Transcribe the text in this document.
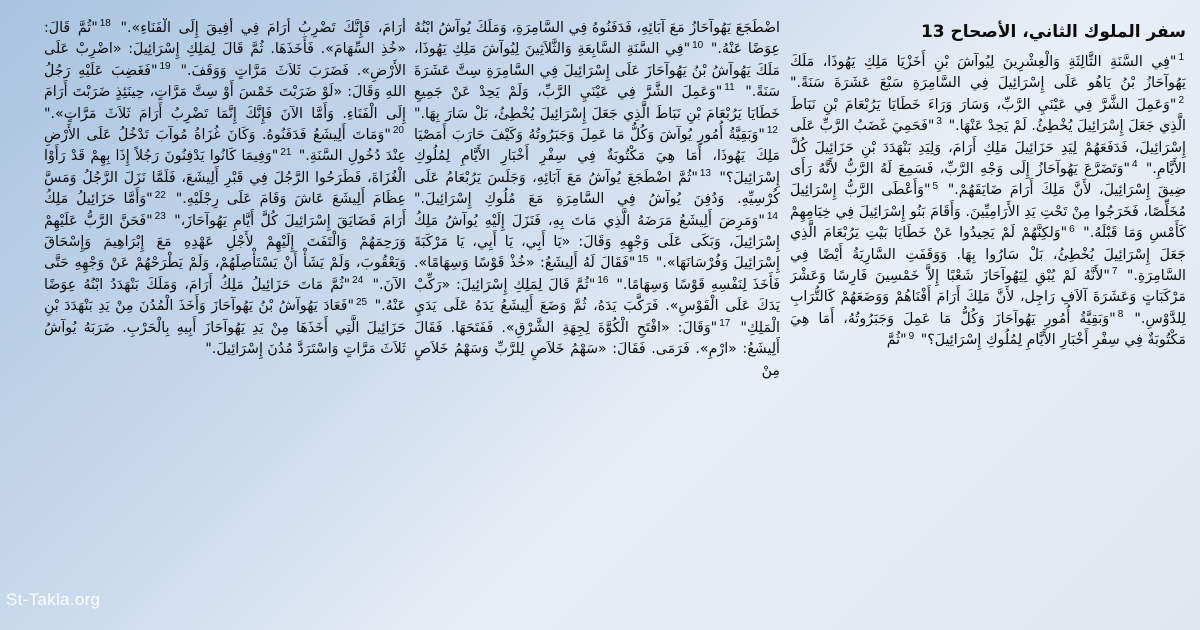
سفر الملوك الثاني، الأصحاح 13
$^1$"فِي السَّنَةِ الثَّالِثَةِ وَالْعِشْرِينَ لِيُوآشَ بْنِ أَخَزْيَا مَلِكِ يَهُوذَا، مَلَكَ يَهُوآحَازُ بْنُ يَاهُو عَلَى إِسْرَائِيلَ فِي السَّامِرَةِ سَبْعَ عَشَرَةَ سَنَةً." $^2$"وَعَمِلَ الشَّرَّ فِي عَيْنَيِ الرَّبِّ، وَسَارَ وَرَاءَ خَطَايَا يَرُبْعَامَ بْنِ نَبَاطَ الَّذِي جَعَلَ إِسْرَائِيلَ يُخْطِئُ. لَمْ يَحِدْ عَنْهَا." $^3$"فَحَمِيَ غَضَبُ الرَّبِّ عَلَى إِسْرَائِيلَ، فَدَفَعَهُمْ لِيَدِ حَزَائِيلَ مَلِكِ أَرَامَ، وَلِيَدِ بَنْهَدَدَ بْنِ حَزَائِيلَ كُلَّ الأَيَّامِ." $^4$"وَتَضَرَّعَ يَهُوآحَازُ إِلَى وَجْهِ الرَّبِّ، فَسَمِعَ لَهُ الرَّبُّ لأَنَّهُ رَأَى ضِيقَ إِسْرَائِيلَ، لأَنَّ مَلِكَ أَرَامَ ضَايَقَهُمْ." $^5$"وَأَعْطَى الرَّبُّ إِسْرَائِيلَ مُخَلِّصًا، فَخَرَجُوا مِنْ تَحْتِ يَدِ الأَرَامِيِّينَ. وَأَقَامَ بَنُو إِسْرَائِيلَ فِي خِيَامِهِمْ كَأَمْسِ وَمَا قَبْلَهُ." $^6$"وَلكِنَّهُمْ لَمْ يَحِيدُوا عَنْ خَطَايَا بَيْتِ يَرُبْعَامَ الَّذِي جَعَلَ إِسْرَائِيلَ يُخْطِئُ، بَلْ سَارُوا بِهَا. وَوَقَفَتِ السَّارِيَةُ أَيْضًا فِي السَّامِرَةِ." $^7$"لأَنَّهُ لَمْ يُبْقِ لِيَهُوآحَازَ شَعْبًا إِلاَّ خَمْسِينَ فَارِسًا وَعَشْرَ مَرْكَبَاتٍ وَعَشَرَةَ آلاَفِ رَاجِل، لأَنَّ مَلِكَ أَرَامَ أَفْنَاهُمْ وَوَضَعَهُمْ كَالتُّرَابِ لِلدَّوْسِ." $^8$"وَبَقِيَّةُ أُمُورِ يَهُوآحَازَ وَكُلُّ مَا عَمِلَ وَجَبَرُوتُهُ، أَمَا هِيَ مَكْتُوبَةٌ فِي سِفْرِ أَخْبَارِ الأَيَّامِ لِمُلُوكِ إِسْرَائِيلَ؟" $^9$"ثُمَّ
اضْطَجَعَ يَهُوآحَازُ مَعَ آبَائِهِ، فَدَفَنُوهُ فِي السَّامِرَةِ، وَمَلَكَ يُوآشُ ابْنُهُ عِوَضًا عَنْهُ." $^{10}$"فِي السَّنَةِ السَّابِعَةِ وَالثَّلاَثِينَ لِيُوآشَ مَلِكِ يَهُوذَا، مَلَكَ يَهُوآشُ بْنُ يَهُوآحَازَ عَلَى إِسْرَائِيلَ فِي السَّامِرَةِ سِتَّ عَشَرَةَ سَنَةً." $^{11}$"وَعَمِلَ الشَّرَّ فِي عَيْنَيِ الرَّبِّ، وَلَمْ يَحِدْ عَنْ جَمِيعِ خَطَايَا يَرُبْعَامَ بْنِ نَبَاطَ الَّذِي جَعَلَ إِسْرَائِيلَ يُخْطِئُ، بَلْ سَارَ بِهَا." $^{12}$"وَبَقِيَّةُ أُمُورِ يُوآشَ وَكُلُّ مَا عَمِلَ وَجَبَرُوتُهُ وَكَيْفَ حَارَبَ أَمَصْيَا مَلِكَ يَهُوذَا، أَمَا هِيَ مَكْتُوبَةٌ فِي سِفْرِ أَخْبَارِ الأَيَّامِ لِمُلُوكِ إِسْرَائِيلَ؟" $^{13}$"ثُمَّ اضْطَجَعَ يُوآشُ مَعَ آبَائِهِ، وَجَلَسَ يَرُبْعَامُ عَلَى كُرْسِيِّهِ. وَدُفِنَ يُوآشُ فِي السَّامِرَةِ مَعَ مُلُوكِ إِسْرَائِيلَ." $^{14}$"وَمَرِضَ أَلِيشَعُ مَرَضَهُ الَّذِي مَاتَ بِهِ، فَنَزَلَ إِلَيْهِ يُوآشُ مَلِكُ إِسْرَائِيلَ، وَبَكَى عَلَى وَجْهِهِ وَقَالَ: «يَا أَبِي، يَا أَبِي، يَا مَرْكَبَةَ إِسْرَائِيلَ وَفُرْسَانَهَا»." $^{15}$"فَقَالَ لَهُ أَلِيشَعُ: «خُذْ قَوْسًا وَسِهَامًا». فَأَخَذَ لِنَفْسِهِ قَوْسًا وَسِهَامًا." $^{16}$"ثُمَّ قَالَ لِمَلِكِ إِسْرَائِيلَ: «رَكِّبْ يَدَكَ عَلَى الْقَوْسِ». فَرَكَّبَ يَدَهُ، ثُمَّ وَضَعَ أَلِيشَعُ يَدَهُ عَلَى يَدَيِ الْمَلِكِ" $^{17}$"وَقَالَ: «افْتَحِ الْكُوَّةَ لِجِهَةِ الشَّرْقِ». فَفَتَحَهَا. فَقَالَ أَلِيشَعُ: «ارْمِ». فَرَمَى. فَقَالَ: «سَهْمُ خَلاَصٍ لِلرَّبِّ وَسَهْمُ خَلاَصٍ مِنْ
أَرَامَ، فَإِنَّكَ تَضْرِبُ أَرَامَ فِي أَفِيقَ إِلَى الْفَنَاءِ»." $^{18}$"ثُمَّ قَالَ: «خُذِ السِّهَامَ». فَأَخَذَهَا. ثُمَّ قَالَ لِمَلِكِ إِسْرَائِيلَ: «اضْرِبْ عَلَى الأَرْضِ». فَضَرَبَ ثَلاَثَ مَرَّاتٍ وَوَقَفَ." $^{19}$"فَغَضِبَ عَلَيْهِ رَجُلُ اللهِ وَقَالَ: «لَوْ ضَرَبْتَ خَمْسَ أَوْ سِتَّ مَرَّاتٍ، حِينَئِذٍ ضَرَبْتَ أَرَامَ إِلَى الْفَنَاءِ. وَأَمَّا الآنَ فَإِنَّكَ إِنَّمَا تَضْرِبُ أَرَامَ ثَلاَثَ مَرَّاتٍ»." $^{20}$"وَمَاتَ أَلِيشَعُ فَدَفَنُوهُ. وَكَانَ غُزَاةُ مُوآبَ تَدْخُلُ عَلَى الأَرْضِ عِنْدَ دُخُولِ السَّنَةِ." $^{21}$"وَفِيمَا كَانُوا يَدْفِنُونَ رَجُلاً إِذَا بِهِمْ قَدْ رَأَوْا الْغُزَاةَ، فَطَرَحُوا الرَّجُلَ فِي قَبْرِ أَلِيشَعَ، فَلَمَّا نَزَلَ الرَّجُلُ وَمَسَّ عِظَامَ أَلِيشَعَ عَاشَ وَقَامَ عَلَى رِجْلَيْهِ." $^{22}$"وَأَمَّا حَزَائِيلُ مَلِكُ أَرَامَ فَضَايَقَ إِسْرَائِيلَ كُلَّ أَيَّامِ يَهُوآحَازَ،" $^{23}$"فَحَنَّ الرَّبُّ عَلَيْهِمْ وَرَحِمَهُمْ وَالْتَفَتَ إِلَيْهِمْ لأَجْلِ عَهْدِهِ مَعَ إِبْرَاهِيمَ وَإِسْحَاقَ وَيَعْقُوبَ، وَلَمْ يَشَأْ أَنْ يَسْتَأْصِلَهُمْ، وَلَمْ يَطْرَحْهُمْ عَنْ وَجْهِهِ حَتَّى الآنَ." $^{24}$"ثُمَّ مَاتَ حَزَائِيلُ مَلِكُ أَرَامَ، وَمَلَكَ بَنْهَدَدُ ابْنُهُ عِوَضًا عَنْهُ." $^{25}$"فَعَادَ يَهُوآشُ بْنُ يَهُوآحَازَ وَأَخَذَ الْمُدُنَ مِنْ يَدِ بَنْهَدَدَ بْنِ حَزَائِيلَ الَّتِي أَخَذَهَا مِنْ يَدِ يَهُوآحَازَ أَبِيهِ بِالْحَرْبِ. ضَرَبَهُ يُوآشُ ثَلاَثَ مَرَّاتٍ وَاسْتَرَدَّ مُدُنَ إِسْرَائِيلَ."
St-Takla.org
